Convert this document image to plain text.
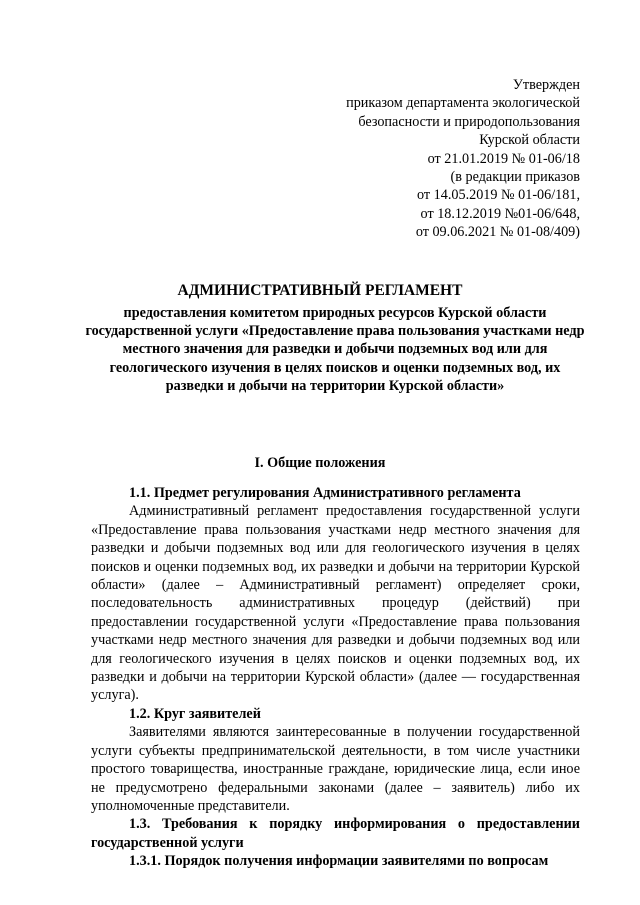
Утвержден
приказом департамента экологической
безопасности и природопользования
Курской области
от 21.01.2019 № 01-06/18
(в редакции приказов
от 14.05.2019 № 01-06/181,
от 18.12.2019 №01-06/648,
от 09.06.2021 № 01-08/409)
АДМИНИСТРАТИВНЫЙ РЕГЛАМЕНТ
предоставления комитетом природных ресурсов Курской области государственной услуги «Предоставление права пользования участками недр местного значения для разведки и добычи подземных вод или для геологического изучения в целях поисков и оценки подземных вод, их разведки и добычи на территории Курской области»
I. Общие положения

1.1. Предмет регулирования Административного регламента

Административный регламент предоставления государственной услуги «Предоставление права пользования участками недр местного значения для разведки и добычи подземных вод или для геологического изучения в целях поисков и оценки подземных вод, их разведки и добычи на территории Курской области» (далее – Административный регламент) определяет сроки, последовательность административных процедур (действий) при предоставлении государственной услуги «Предоставление права пользования участками недр местного значения для разведки и добычи подземных вод или для геологического изучения в целях поисков и оценки подземных вод, их разведки и добычи на территории Курской области» (далее — государственная услуга).

1.2. Круг заявителей

Заявителями являются заинтересованные в получении государственной услуги субъекты предпринимательской деятельности, в том числе участники простого товарищества, иностранные граждане, юридические лица, если иное не предусмотрено федеральными законами (далее – заявитель) либо их уполномоченные представители.

1.3. Требования к порядку информирования о предоставлении государственной услуги

1.3.1. Порядок получения информации заявителями по вопросам
